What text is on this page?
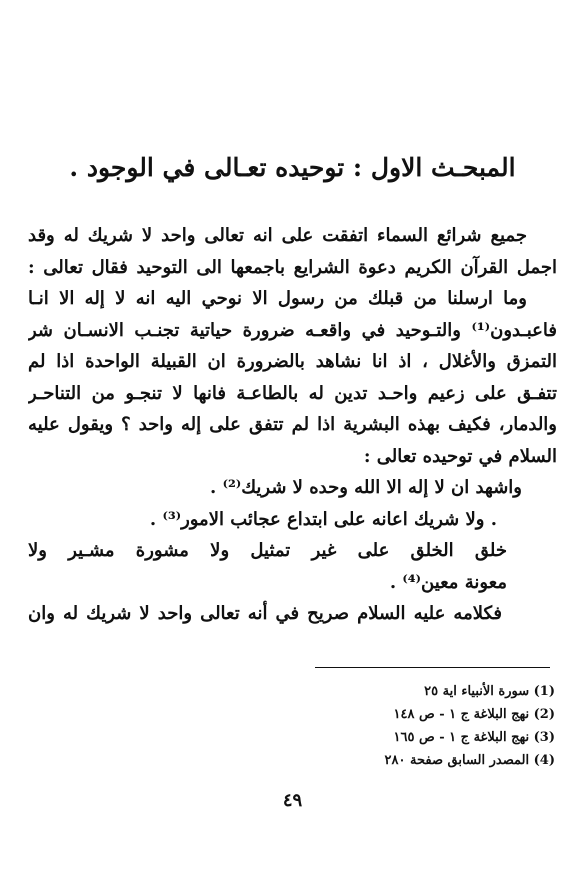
المبحـث الاول : توحيده تعـالى في الوجود .
جميع شرائع السماء اتفقت على انه تعالى واحد لا شريك له وقد
اجمل القرآن الكريم دعوة الشرايع باجمعها الى التوحيد فقال تعالى :
وما ارسلنا من قبلك من رسول الا نوحي اليه انه لا إله الا انـا
فاعبـدون⁽¹⁾ والتـوحيد في واقعـه ضرورة حياتية تجنـب الانسـان شر
التمزق والأغلال ، اذ انا نشاهد بالضرورة ان القبيلة الواحدة اذا لم
تتفـق على زعيم واحـد تدين له بالطاعـة فانها لا تنجـو من التناحـر
والدمار، فكيف بهذه البشرية اذا لم تتفق على إله واحد ؟ ويقول عليه
السلام في توحيده تعالى :
واشهد ان لا إله الا الله وحده لا شريك⁽²⁾ .
. ولا شريك اعانه على ابتداع عجائب الامور⁽³⁾ .
خلق الخلق على غير تمثيل ولا مشورة مشـير ولا
معونة معين⁽⁴⁾ .
فكلامه عليه السلام صريح في أنه تعالى واحد لا شريك له وان
(1) سورة الأنبياء اية ٢٥
(2) نهج البلاغة ج ١ - ص ١٤٨
(3) نهج البلاغة ج ١ - ص ١٦٥
(4) المصدر السابق صفحة ٢٨٠
٤٩
